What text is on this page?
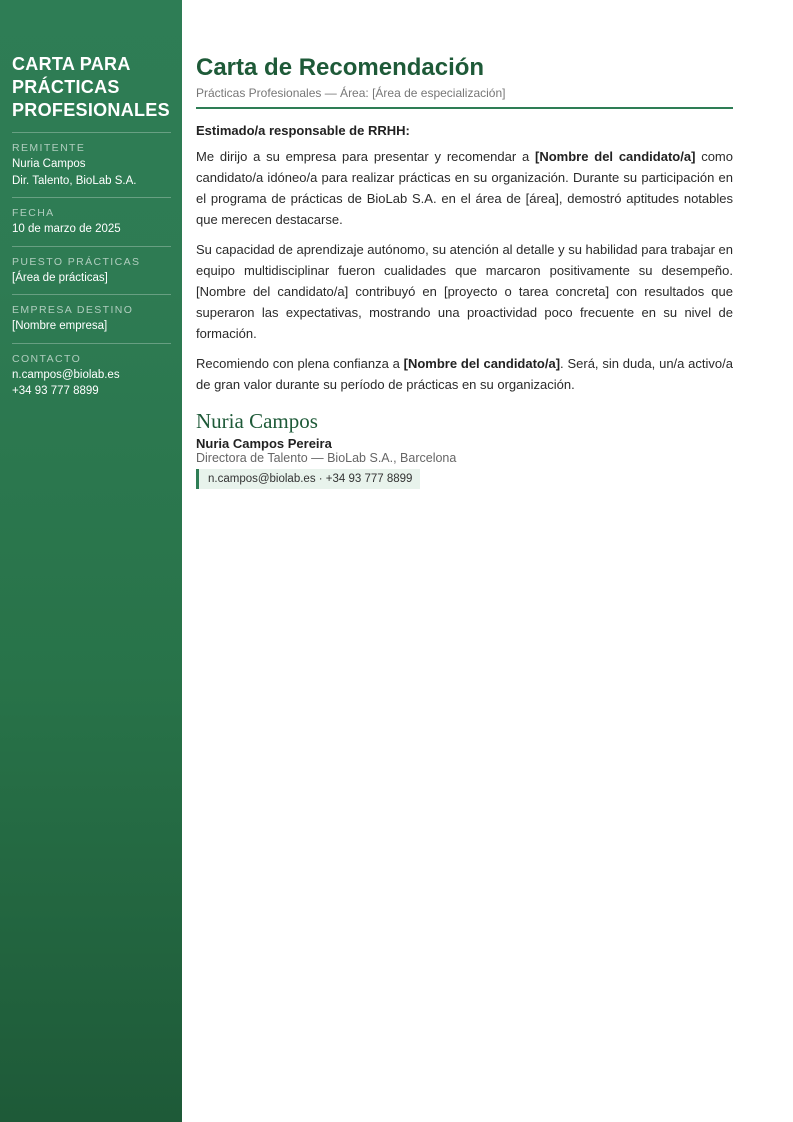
CARTA PARA
PRÁCTICAS
PROFESIONALES
REMITENTE
Nuria Campos
Dir. Talento, BioLab S.A.
FECHA
10 de marzo de 2025
PUESTO PRÁCTICAS
[Área de prácticas]
EMPRESA DESTINO
[Nombre empresa]
CONTACTO
n.campos@biolab.es
+34 93 777 8899
Carta de Recomendación
Prácticas Profesionales — Área: [Área de especialización]
Estimado/a responsable de RRHH:

Me dirijo a su empresa para presentar y recomendar a [Nombre del candidato/a] como candidato/a idóneo/a para realizar prácticas en su organización. Durante su participación en el programa de prácticas de BioLab S.A. en el área de [área], demostró aptitudes notables que merecen destacarse.

Su capacidad de aprendizaje autónomo, su atención al detalle y su habilidad para trabajar en equipo multidisciplinar fueron cualidades que marcaron positivamente su desempeño. [Nombre del candidato/a] contribuyó en [proyecto o tarea concreta] con resultados que superaron las expectativas, mostrando una proactividad poco frecuente en su nivel de formación.

Recomiendo con plena confianza a [Nombre del candidato/a]. Será, sin duda, un/a activo/a de gran valor durante su período de prácticas en su organización.

Nuria Campos
Nuria Campos Pereira
Directora de Talento — BioLab S.A., Barcelona
n.campos@biolab.es · +34 93 777 8899
